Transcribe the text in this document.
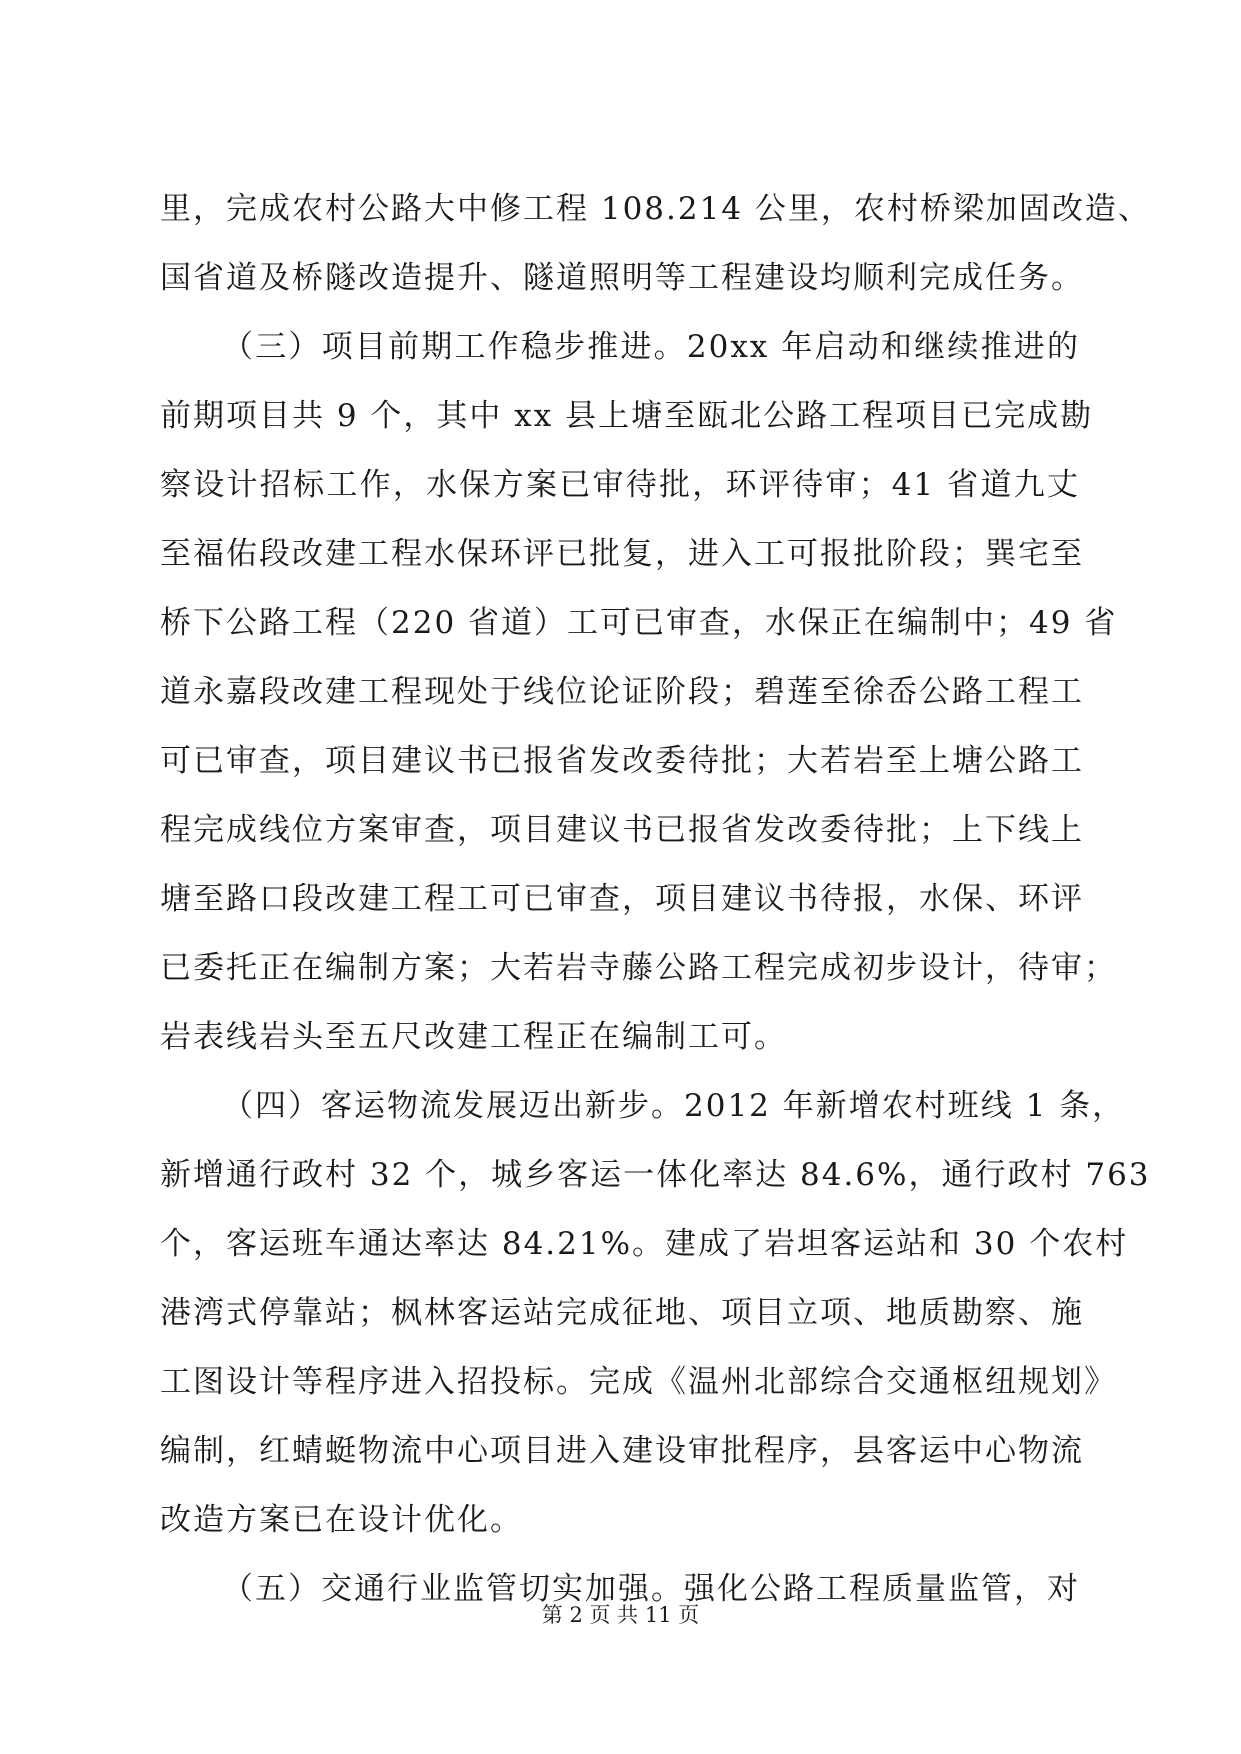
里，完成农村公路大中修工程 108.214 公里，农村桥梁加固改造、
国省道及桥隧改造提升、隧道照明等工程建设均顺利完成任务。
（三）项目前期工作稳步推进。20xx 年启动和继续推进的
前期项目共 9 个，其中 xx 县上塘至瓯北公路工程项目已完成勘
察设计招标工作，水保方案已审待批，环评待审；41 省道九丈
至福佑段改建工程水保环评已批复，进入工可报批阶段；巽宅至
桥下公路工程（220 省道）工可已审查，水保正在编制中；49 省
道永嘉段改建工程现处于线位论证阶段；碧莲至徐岙公路工程工
可已审查，项目建议书已报省发改委待批；大若岩至上塘公路工
程完成线位方案审查，项目建议书已报省发改委待批；上下线上
塘至路口段改建工程工可已审查，项目建议书待报，水保、环评
已委托正在编制方案；大若岩寺藤公路工程完成初步设计，待审；
岩表线岩头至五尺改建工程正在编制工可。
（四）客运物流发展迈出新步。2012 年新增农村班线 1 条，
新增通行政村 32 个，城乡客运一体化率达 84.6%，通行政村 763
个，客运班车通达率达 84.21%。建成了岩坦客运站和 30 个农村
港湾式停靠站；枫林客运站完成征地、项目立项、地质勘察、施
工图设计等程序进入招投标。完成《温州北部综合交通枢纽规划》
编制，红蜻蜓物流中心项目进入建设审批程序，县客运中心物流
改造方案已在设计优化。
（五）交通行业监管切实加强。强化公路工程质量监管，对
第 2 页 共 11 页
